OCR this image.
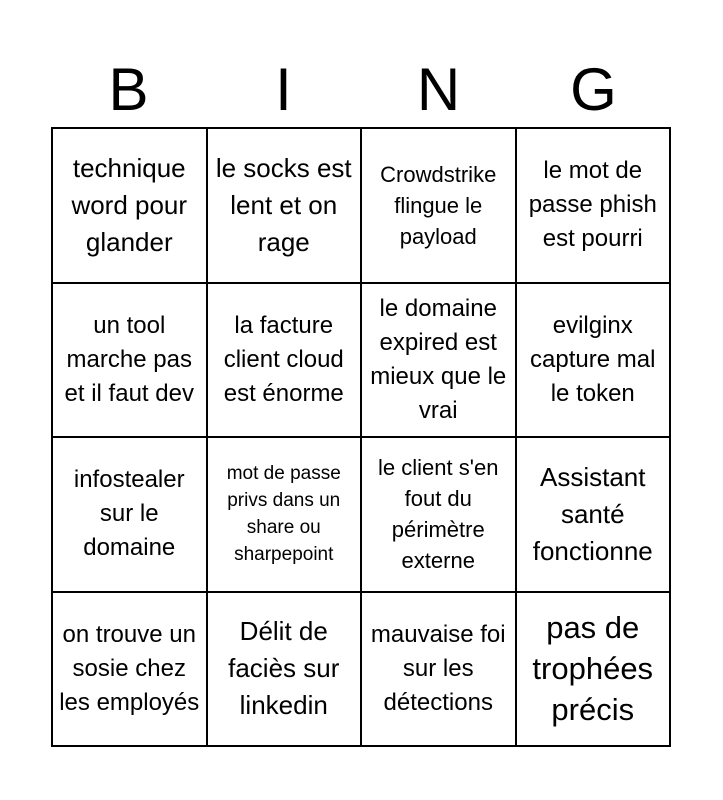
B	I	N	G
technique word pour glander
le socks est lent et on rage
Crowdstrike flingue le payload
le mot de passe phish est pourri
un tool marche pas et il faut dev
la facture client cloud est énorme
le domaine expired est mieux que le vrai
evilginx capture mal le token
infostealer sur le domaine
mot de passe privs dans un share ou sharpepoint
le client s'en fout du périmètre externe
Assistant santé fonctionne
on trouve un sosie chez les employés
Délit de faciès sur linkedin
mauvaise foi sur les détections
pas de trophées précis
